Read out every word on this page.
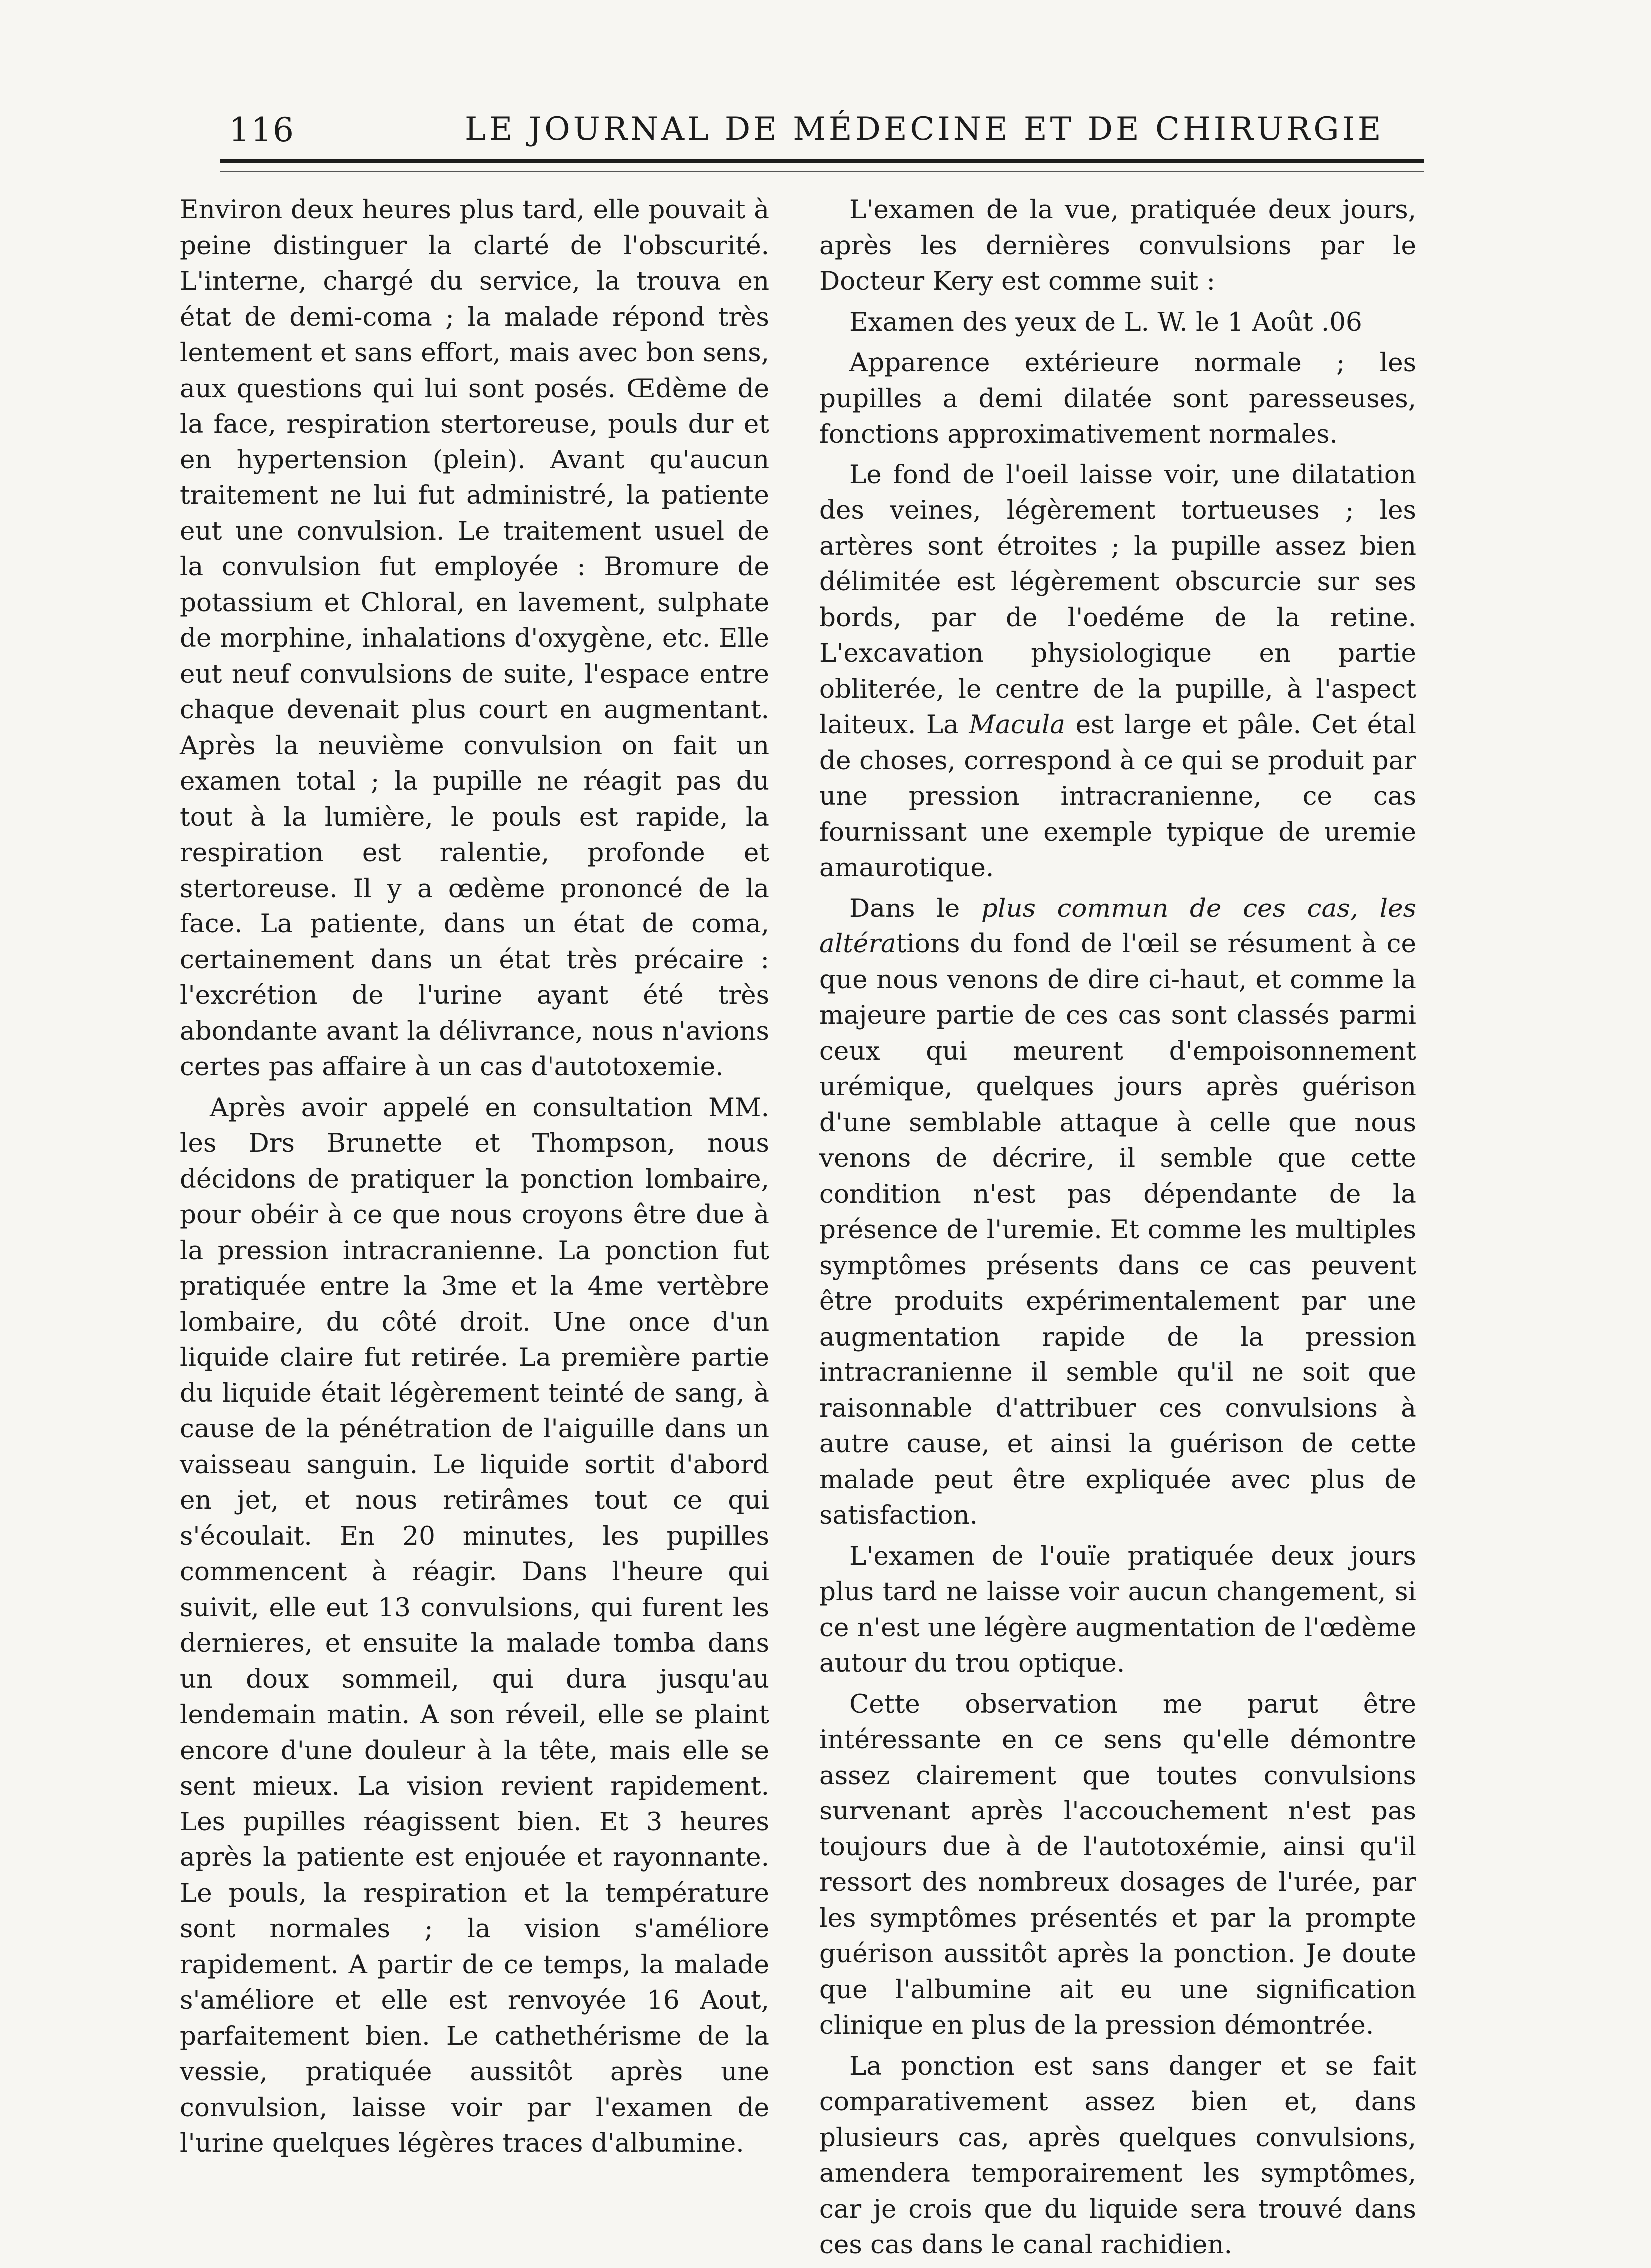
116	LE JOURNAL DE MÉDECINE ET DE CHIRURGIE

Environ deux heures plus tard, elle pouvait à peine distinguer la clarté de l'obscurité. L'interne, chargé du service, la trouva en état de demi-coma ; la malade répond très lentement et sans effort, mais avec bon sens, aux questions qui lui sont posés. Œdème de la face, respiration stertoreuse, pouls dur et en hypertension (plein). Avant qu'aucun traitement ne lui fut administré, la patiente eut une convulsion. Le traitement usuel de la convulsion fut employée : Bromure de potassium et Chloral, en lavement, sulphate de morphine, inhalations d'oxygène, etc. Elle eut neuf convulsions de suite, l'espace entre chaque devenait plus court en augmentant. Après la neuvième convulsion on fait un examen total ; la pupille ne réagit pas du tout à la lumière, le pouls est rapide, la respiration est ralentie, profonde et stertoreuse. Il y a œdème prononcé de la face. La patiente, dans un état de coma, certainement dans un état très précaire : l'excrétion de l'urine ayant été très abondante avant la délivrance, nous n'avions certes pas affaire à un cas d'autotoxemie.

Après avoir appelé en consultation MM. les Drs Brunette et Thompson, nous décidons de pratiquer la ponction lombaire, pour obéir à ce que nous croyons être due à la pression intracranienne. La ponction fut pratiquée entre la 3me et la 4me vertèbre lombaire, du côté droit. Une once d'un liquide claire fut retirée. La première partie du liquide était légèrement teinté de sang, à cause de la pénétration de l'aiguille dans un vaisseau sanguin. Le liquide sortit d'abord en jet, et nous retirâmes tout ce qui s'écoulait. En 20 minutes, les pupilles commencent à réagir. Dans l'heure qui suivit, elle eut 13 convulsions, qui furent les dernieres, et ensuite la malade tomba dans un doux sommeil, qui dura jusqu'au lendemain matin. A son réveil, elle se plaint encore d'une douleur à la tête, mais elle se sent mieux. La vision revient rapidement. Les pupilles réagissent bien. Et 3 heures après la patiente est enjouée et rayonnante. Le pouls, la respiration et la température sont normales ; la vision s'améliore rapidement. A partir de ce temps, la malade s'améliore et elle est renvoyée 16 Aout, parfaitement bien. Le cathethérisme de la vessie, pratiquée aussitôt après une convulsion, laisse voir par l'examen de l'urine quelques légères traces d'albumine.

L'examen de la vue, pratiquée deux jours, après les dernières convulsions par le Docteur Kery est comme suit :

Examen des yeux de L. W. le 1 Août .06

Apparence extérieure normale ; les pupilles a demi dilatée sont paresseuses, fonctions approximativement normales.

Le fond de l'oeil laisse voir, une dilatation des veines, légèrement tortueuses ; les artères sont étroites ; la pupille assez bien délimitée est légèrement obscurcie sur ses bords, par de l'oedéme de la retine. L'excavation physiologique en partie obliterée, le centre de la pupille, à l'aspect laiteux. La Macula est large et pâle. Cet étal de choses, correspond à ce qui se produit par une pression intracranienne, ce cas fournissant une exemple typique de uremie amaurotique.

Dans le plus commun de ces cas, les altérations du fond de l'œil se résument à ce que nous venons de dire ci-haut, et comme la majeure partie de ces cas sont classés parmi ceux qui meurent d'empoisonnement urémique, quelques jours après guérison d'une semblable attaque à celle que nous venons de décrire, il semble que cette condition n'est pas dépendante de la présence de l'uremie. Et comme les multiples symptômes présents dans ce cas peuvent être produits expérimentalement par une augmentation rapide de la pression intracranienne il semble qu'il ne soit que raisonnable d'attribuer ces convulsions à autre cause, et ainsi la guérison de cette malade peut être expliquée avec plus de satisfaction.

L'examen de l'ouïe pratiquée deux jours plus tard ne laisse voir aucun changement, si ce n'est une légère augmentation de l'œdème autour du trou optique.

Cette observation me parut être intéressante en ce sens qu'elle démontre assez clairement que toutes convulsions survenant après l'accouchement n'est pas toujours due à de l'autotoxémie, ainsi qu'il ressort des nombreux dosages de l'urée, par les symptômes présentés et par la prompte guérison aussitôt après la ponction. Je doute que l'albumine ait eu une signification clinique en plus de la pression démontrée.

La ponction est sans danger et se fait comparativement assez bien et, dans plusieurs cas, après quelques convulsions, amendera temporairement les symptômes, car je crois que du liquide sera trouvé dans ces cas dans le canal rachidien.
